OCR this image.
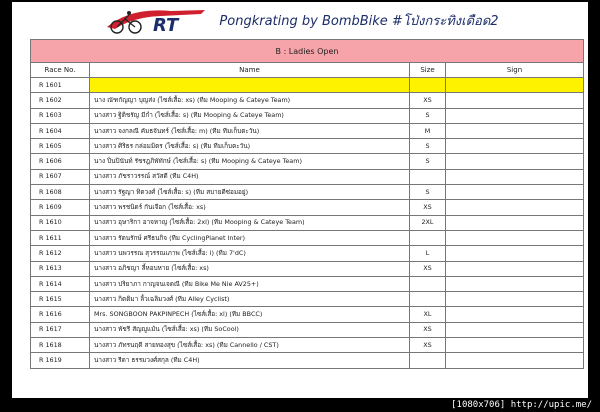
RT	Pongkrating by BombBike #โป่งกระทิงเดือด2
B : Ladies Open			
Race No.	Name	Size	Sign
R 1601			
R 1602	นาง ณัฑกัญญา บุญส่ง (ไซส์เสื้อ: xs) (ทีม Mooping & Cateye Team)	XS	
R 1603	นางสาว ฐิติชรัญ มีกำ (ไซส์เสื้อ: s) (ทีม Mooping & Cateye Team)	S	
R 1604	นางสาว จงกลณี คัมธจันทร์ (ไซส์เสื้อ: m) (ทีม ทีมเก็บตะวัน)	M	
R 1605	นางสาว ศิริธร กล่อมมิตร (ไซส์เสื้อ: s) (ทีม ทีมเก็บตะวัน)	S	
R 1606	นาง ปิ่นปินันท์ รัชรฎภิพัทักษ์ (ไซส์เสื้อ: s) (ทีม Mooping & Cateye Team)	S	
R 1607	นางสาว ภัชราวรรณ์ สวัสดี (ทีม C4H)		
R 1608	นางสาว รัฐญา ทิตวงศ์ (ไซส์เสื้อ: s) (ทีม สบายดีซ่อมอยู่)	S	
R 1609	นางสาว พรชนิดร์ กันเจือก (ไซส์เสื้อ: xs)	XS	
R 1610	นางสาว อุษาริกา อาจหาญ (ไซส์เสื้อ: 2xl) (ทีม Mooping & Cateye Team)	2XL	
R 1611	นางสาว รัตนรักษ์ ศรีธนกิจ (ทีม CyclingPlanet Inter)		
R 1612	นางสาว นพวรรณ สุวรรณเภาพ (ไซส์เสื้อ: l) (ทีม 7'dC)	L	
R 1613	นางสาว อภิชญา ลี้หอบหาย (ไซส์เสื้อ: xs)	XS	
R 1614	นางสาว ปริยาภา กาญจนเจดณี (ทีม Bike Me Nie AV25+)		
R 1615	นางสาว กิตติมา ลิ้วเฉลิมวงศ์ (ทีม Alley Cyclist)		
R 1616	Mrs. SONGBOON PAKPINPECH (ไซส์เสื้อ: xl) (ทีม BBCC)	XL	
R 1617	นางสาว พัชรี สัญญูแม้น (ไซส์เสื้อ: xs) (ทีม SoCool)	XS	
R 1618	นางสาว ภัทรนฤดี สายทองสุข (ไซส์เสื้อ: xs) (ทีม Cannello / CST)	XS	
R 1619	นางสาว รีดา ธรรมวงศ์สกุล (ทีม C4H)		
[1080x706] http://upic.me/
